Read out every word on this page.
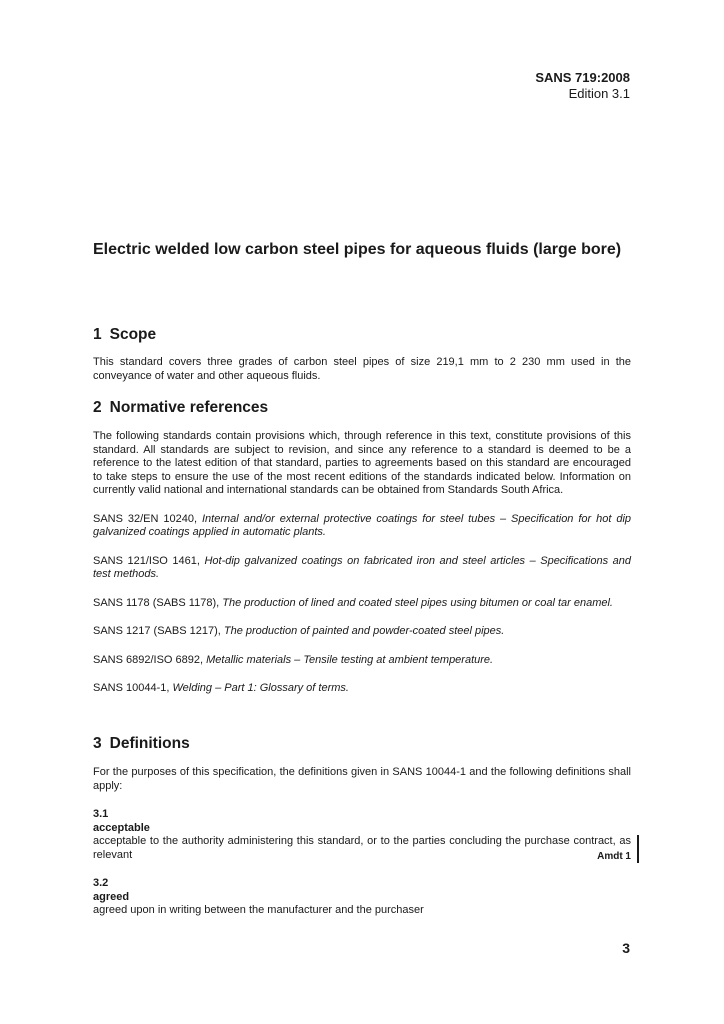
SANS 719:2008
Edition 3.1
Electric welded low carbon steel pipes for aqueous fluids (large bore)
1 Scope

This standard covers three grades of carbon steel pipes of size 219,1 mm to 2 230 mm used in the conveyance of water and other aqueous fluids.

2 Normative references

The following standards contain provisions which, through reference in this text, constitute provisions of this standard. All standards are subject to revision, and since any reference to a standard is deemed to be a reference to the latest edition of that standard, parties to agreements based on this standard are encouraged to take steps to ensure the use of the most recent editions of the standards indicated below. Information on currently valid national and international standards can be obtained from Standards South Africa.

SANS 32/EN 10240, Internal and/or external protective coatings for steel tubes – Specification for hot dip galvanized coatings applied in automatic plants.

SANS 121/ISO 1461, Hot-dip galvanized coatings on fabricated iron and steel articles – Specifications and test methods.

SANS 1178 (SABS 1178), The production of lined and coated steel pipes using bitumen or coal tar enamel.

SANS 1217 (SABS 1217), The production of painted and powder-coated steel pipes.

SANS 6892/ISO 6892, Metallic materials – Tensile testing at ambient temperature.

SANS 10044-1, Welding – Part 1: Glossary of terms.

3 Definitions

For the purposes of this specification, the definitions given in SANS 10044-1 and the following definitions shall apply:

3.1

acceptable

acceptable to the authority administering this standard, or to the parties concluding the purchase contract, as relevant	Amdt 1

3.2

agreed

agreed upon in writing between the manufacturer and the purchaser

3
